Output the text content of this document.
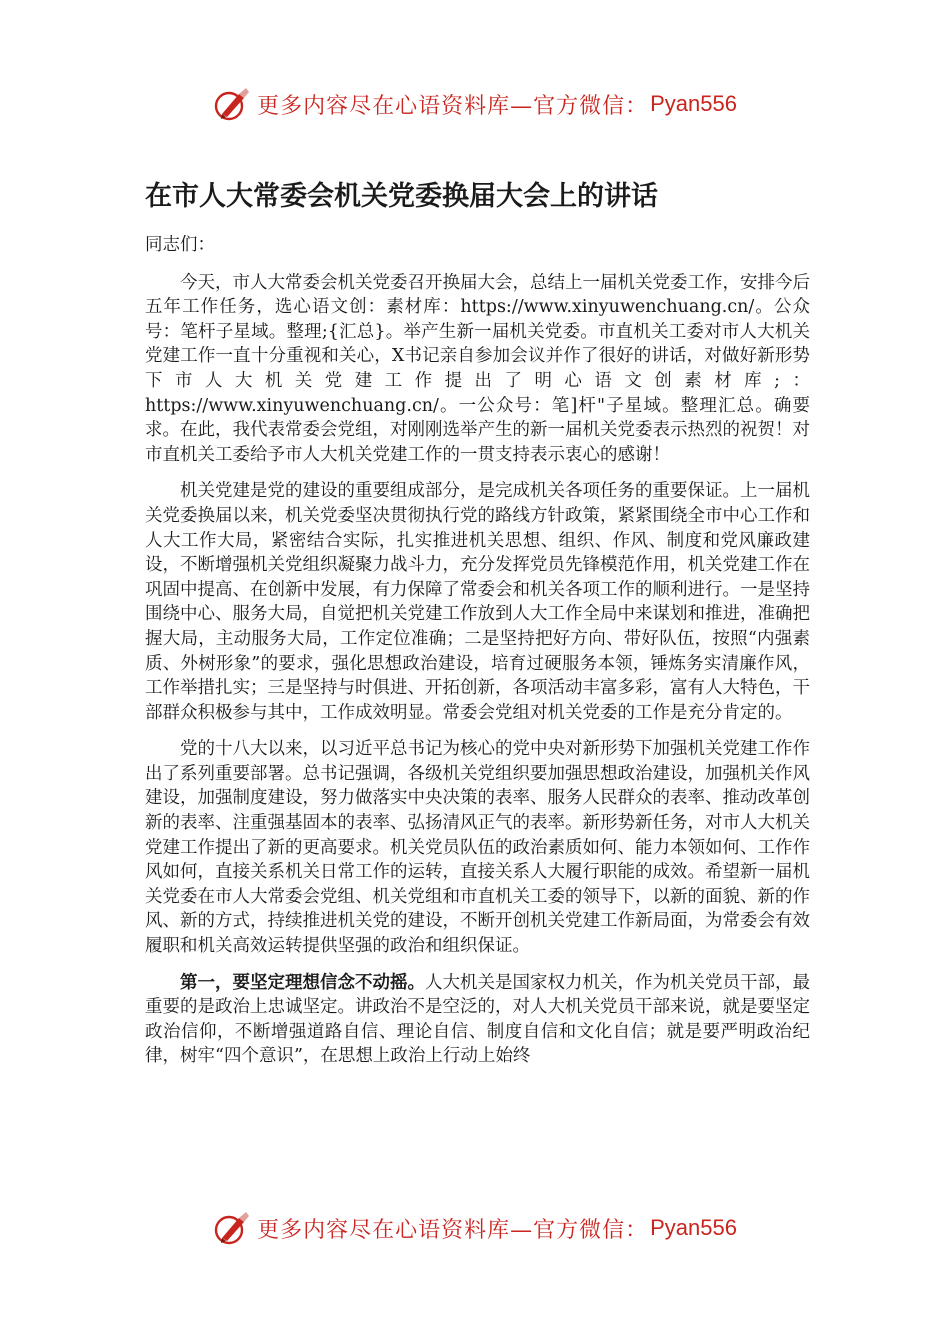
更多内容尽在心语资料库—官方微信： Pyan556
在市人大常委会机关党委换届大会上的讲话

同志们：

今天，市人大常委会机关党委召开换届大会，总结上一届机关党委工作，安排今后五年工作任务，选心语文创：素材库：https://www.xinyuwenchuang.cn/。公众号：笔杆子星域。整理;{汇总}。举产生新一届机关党委。市直机关工委对市人大机关党建工作一直十分重视和关心，X书记亲自参加会议并作了很好的讲话，对做好新形势下市人大机关党建工作提出了明心语文创素材库;：https://www.xinyuwenchuang.cn/。一公众号：笔]杆"子星域。整理汇总。确要求。在此，我代表常委会党组，对刚刚选举产生的新一届机关党委表示热烈的祝贺！对市直机关工委给予市人大机关党建工作的一贯支持表示衷心的感谢！

机关党建是党的建设的重要组成部分，是完成机关各项任务的重要保证。上一届机关党委换届以来，机关党委坚决贯彻执行党的路线方针政策，紧紧围绕全市中心工作和人大工作大局，紧密结合实际，扎实推进机关思想、组织、作风、制度和党风廉政建设，不断增强机关党组织凝聚力战斗力，充分发挥党员先锋模范作用，机关党建工作在巩固中提高、在创新中发展，有力保障了常委会和机关各项工作的顺利进行。一是坚持围绕中心、服务大局，自觉把机关党建工作放到人大工作全局中来谋划和推进，准确把握大局，主动服务大局，工作定位准确；二是坚持把好方向、带好队伍，按照“内强素质、外树形象”的要求，强化思想政治建设，培育过硬服务本领，锤炼务实清廉作风，工作举措扎实；三是坚持与时俱进、开拓创新，各项活动丰富多彩，富有人大特色，干部群众积极参与其中，工作成效明显。常委会党组对机关党委的工作是充分肯定的。

党的十八大以来，以习近平总书记为核心的党中央对新形势下加强机关党建工作作出了系列重要部署。总书记强调，各级机关党组织要加强思想政治建设，加强机关作风建设，加强制度建设，努力做落实中央决策的表率、服务人民群众的表率、推动改革创新的表率、注重强基固本的表率、弘扬清风正气的表率。新形势新任务，对市人大机关党建工作提出了新的更高要求。机关党员队伍的政治素质如何、能力本领如何、工作作风如何，直接关系机关日常工作的运转，直接关系人大履行职能的成效。希望新一届机关党委在市人大常委会党组、机关党组和市直机关工委的领导下，以新的面貌、新的作风、新的方式，持续推进机关党的建设，不断开创机关党建工作新局面，为常委会有效履职和机关高效运转提供坚强的政治和组织保证。

第一，要坚定理想信念不动摇。人大机关是国家权力机关，作为机关党员干部，最重要的是政治上忠诚坚定。讲政治不是空泛的，对人大机关党员干部来说，就是要坚定政治信仰，不断增强道路自信、理论自信、制度自信和文化自信；就是要严明政治纪律，树牢“四个意识”，在思想上政治上行动上始终

更多内容尽在心语资料库—官方微信： Pyan556
